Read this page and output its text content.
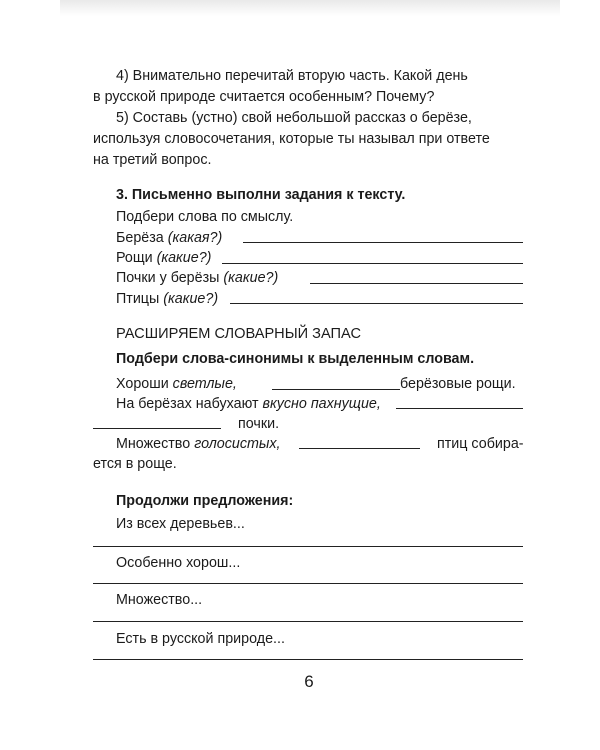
4) Внимательно перечитай вторую часть. Какой день
в русской природе считается особенным? Почему?
5) Составь (устно) свой небольшой рассказ о берёзе,
используя словосочетания, которые ты называл при ответе
на третий вопрос.
3. Письменно выполни задания к тексту.
Подбери слова по смыслу.
Берёза (какая?)
Рощи (какие?)
Почки у берёзы (какие?)
Птицы (какие?)
РАСШИРЯЕМ СЛОВАРНЫЙ ЗАПАС
Подбери слова-синонимы к выделенным словам.
Хороши светлые,	берёзовые рощи.
На берёзах набухают вкусно пахнущие,
почки.
Множество голосистых,	птиц собира-
ется в роще.
Продолжи предложения:
Из всех деревьев...
Особенно хорош...
Множество...
Есть в русской природе...
6
